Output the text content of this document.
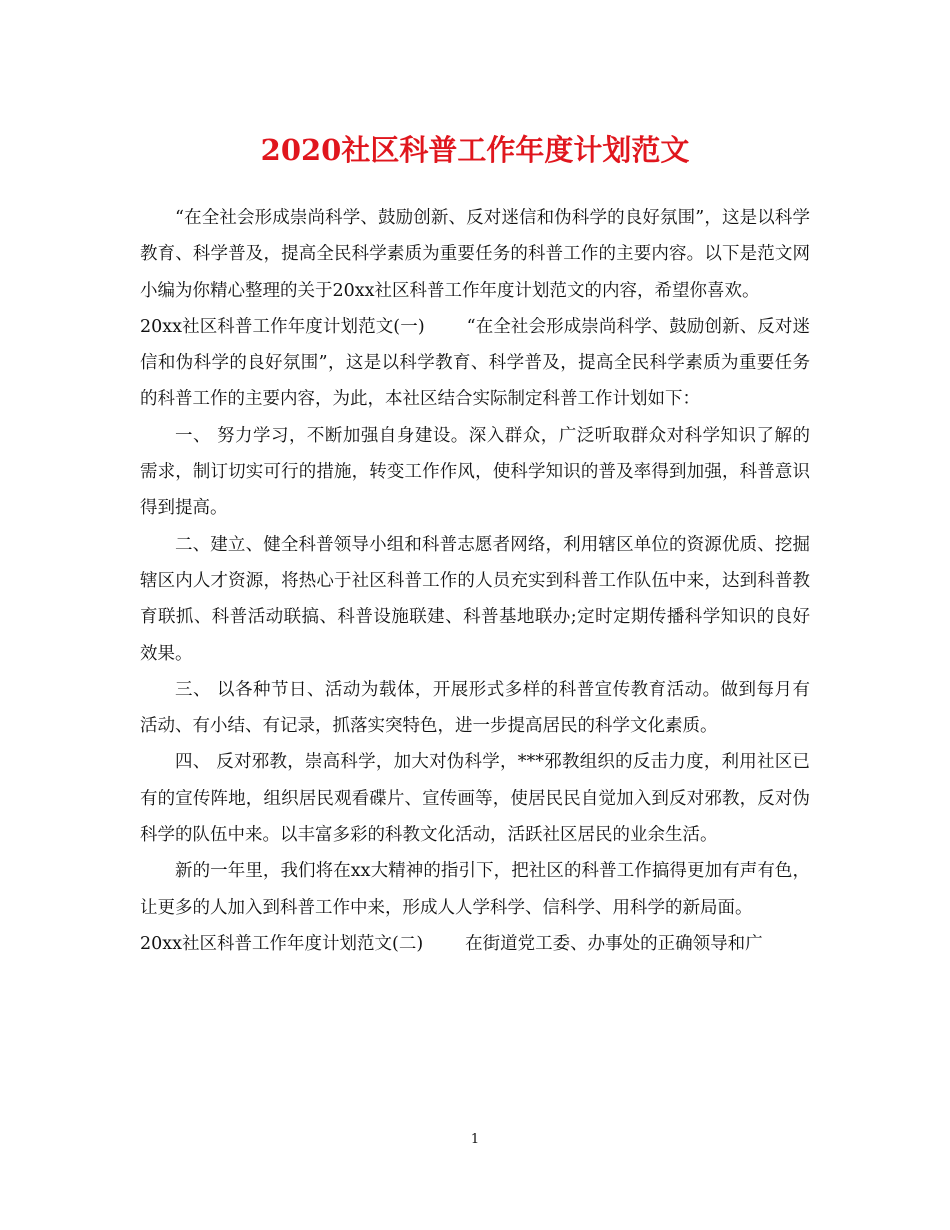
2020社区科普工作年度计划范文

“在全社会形成崇尚科学、鼓励创新、反对迷信和伪科学的良好氛围”，这是以科学教育、科学普及，提高全民科学素质为重要任务的科普工作的主要内容。以下是范文网小编为你精心整理的关于20xx社区科普工作年度计划范文的内容，希望你喜欢。

20xx社区科普工作年度计划范文(一) “在全社会形成崇尚科学、鼓励创新、反对迷信和伪科学的良好氛围”，这是以科学教育、科学普及，提高全民科学素质为重要任务的科普工作的主要内容，为此，本社区结合实际制定科普工作计划如下：

一、 努力学习，不断加强自身建设。深入群众，广泛听取群众对科学知识了解的需求，制订切实可行的措施，转变工作作风，使科学知识的普及率得到加强，科普意识得到提高。

二、建立、健全科普领导小组和科普志愿者网络，利用辖区单位的资源优质、挖掘辖区内人才资源，将热心于社区科普工作的人员充实到科普工作队伍中来，达到科普教育联抓、科普活动联搞、科普设施联建、科普基地联办;定时定期传播科学知识的良好效果。

三、 以各种节日、活动为载体，开展形式多样的科普宣传教育活动。做到每月有活动、有小结、有记录，抓落实突特色，进一步提高居民的科学文化素质。

四、 反对邪教，崇高科学，加大对伪科学，***邪教组织的反击力度，利用社区已有的宣传阵地，组织居民观看碟片、宣传画等，使居民民自觉加入到反对邪教，反对伪科学的队伍中来。以丰富多彩的科教文化活动，活跃社区居民的业余生活。

新的一年里，我们将在xx大精神的指引下，把社区的科普工作搞得更加有声有色，让更多的人加入到科普工作中来，形成人人学科学、信科学、用科学的新局面。

20xx社区科普工作年度计划范文(二) 在街道党工委、办事处的正确领导和广

1
